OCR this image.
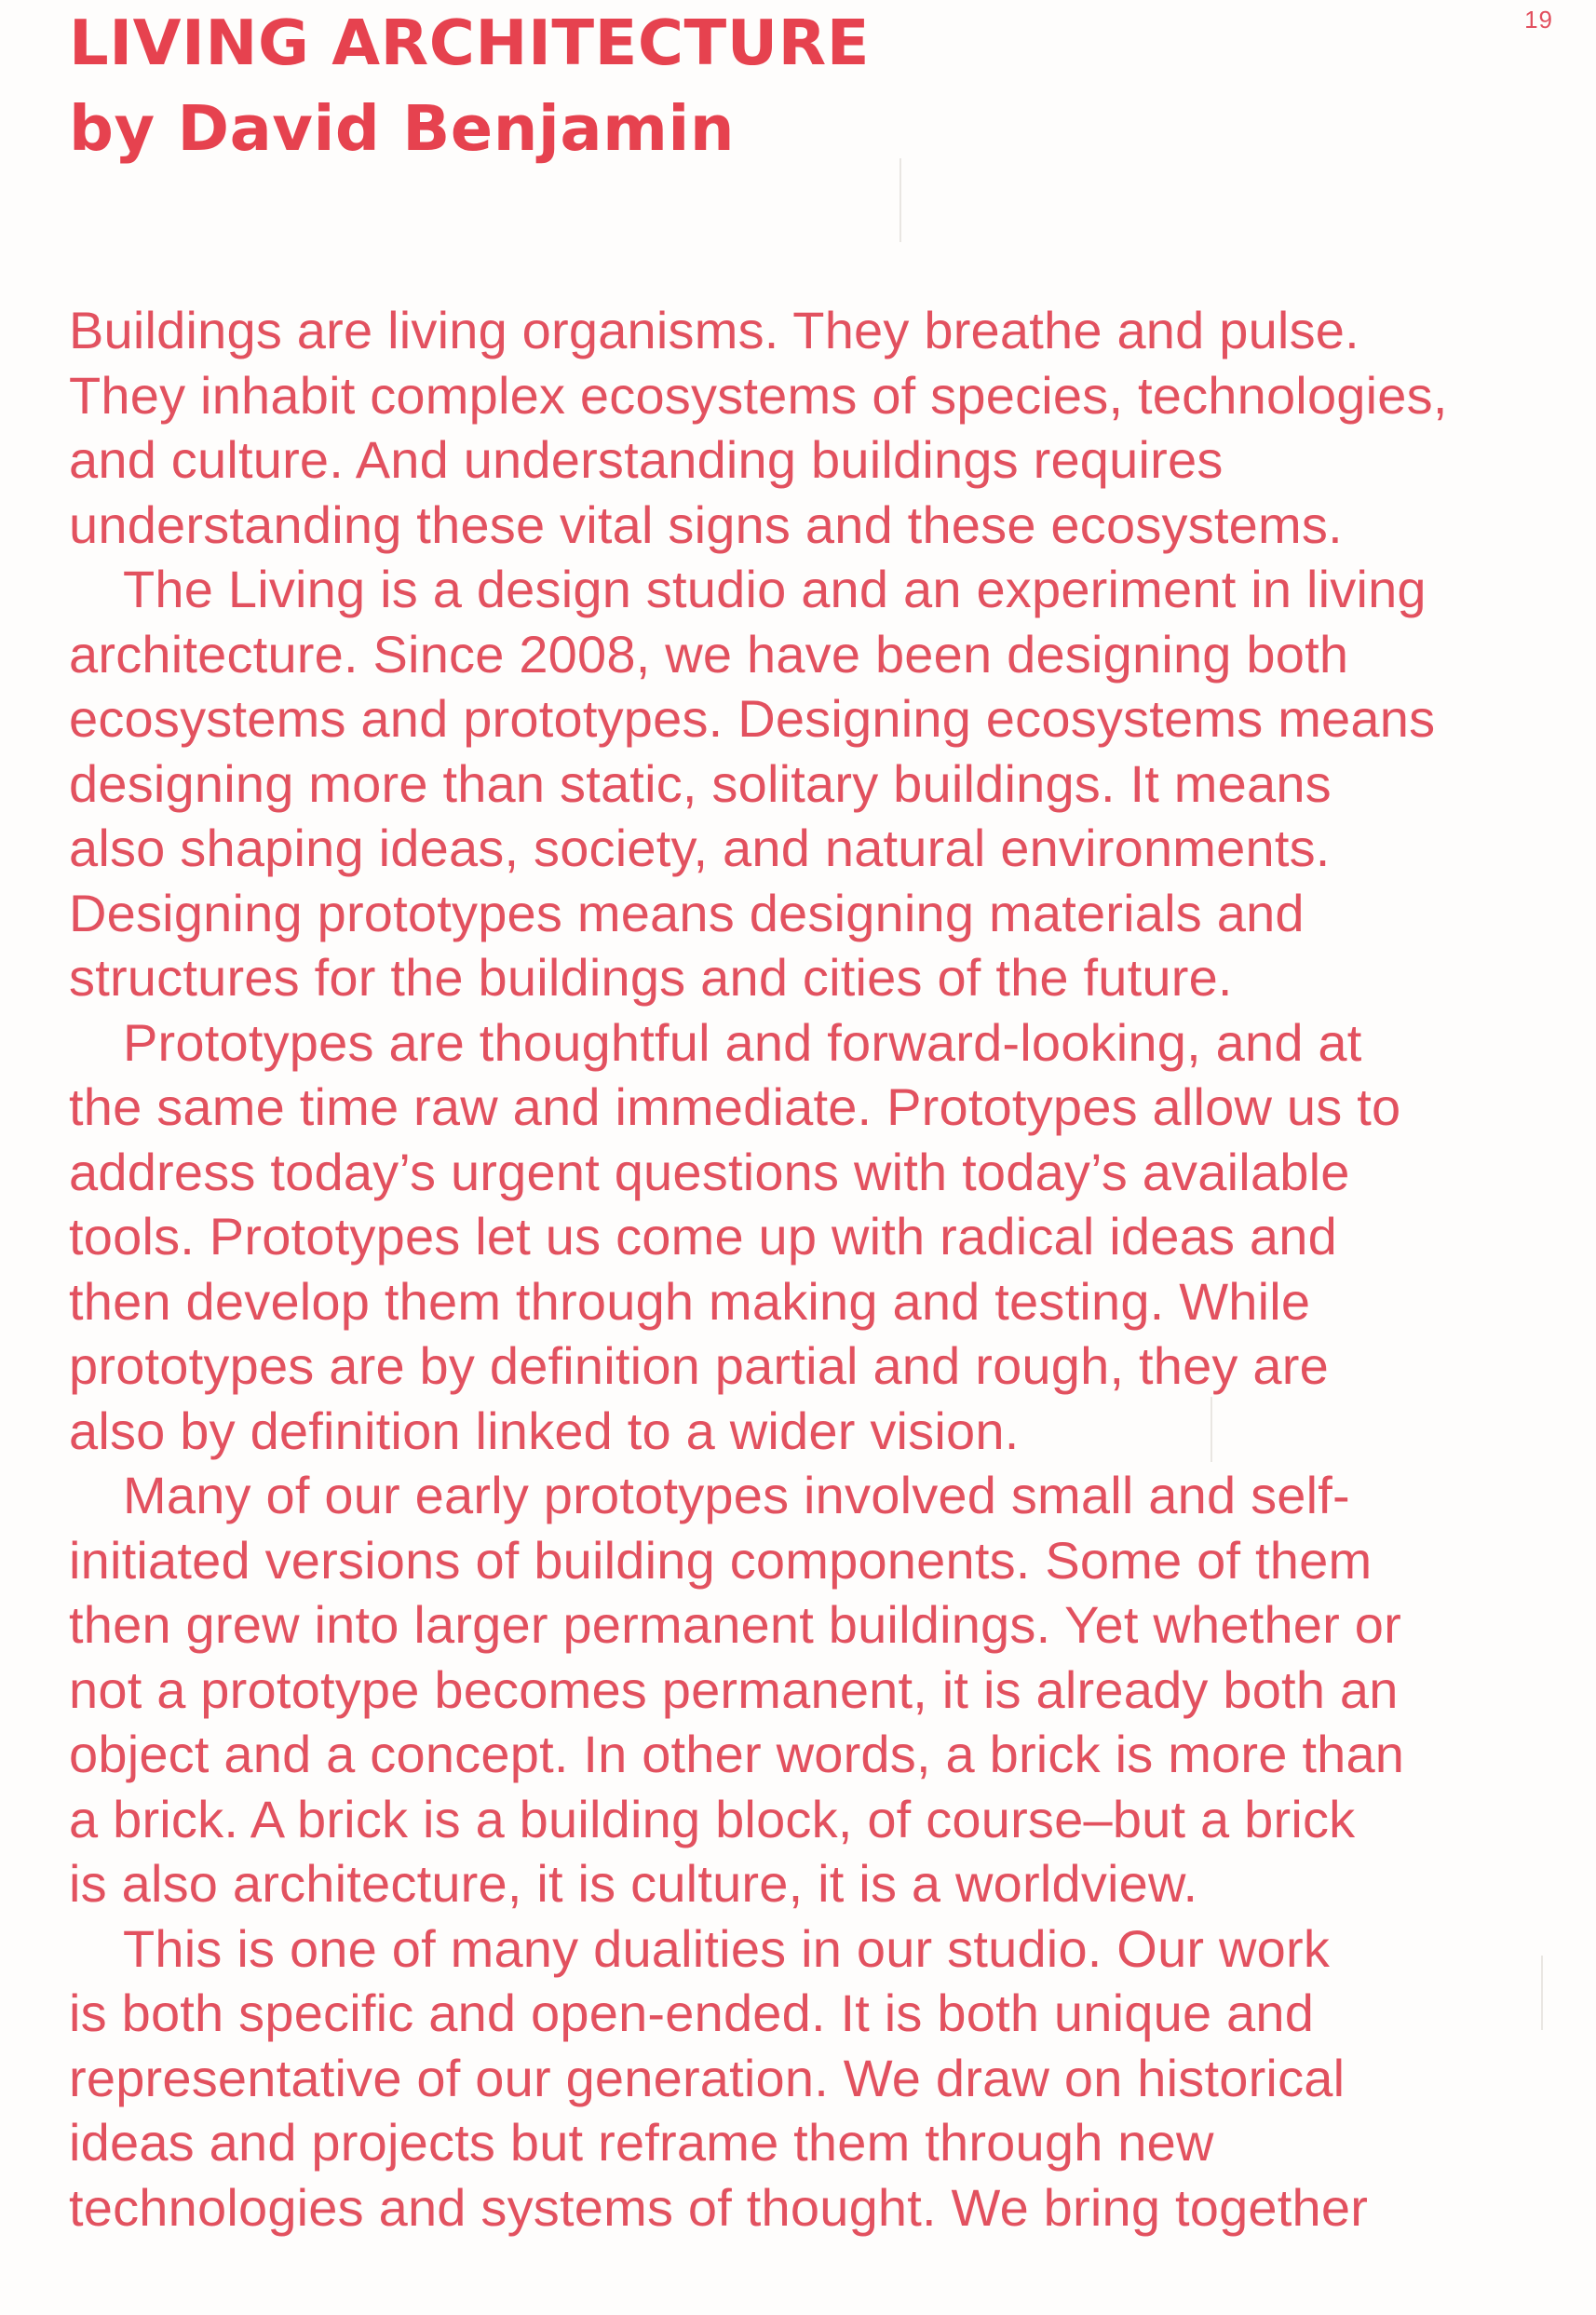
19
LIVING ARCHITECTURE
by David Benjamin

Buildings are living organisms. They breathe and pulse.
They inhabit complex ecosystems of species, technologies,
and culture. And understanding buildings requires
understanding these vital signs and these ecosystems.

The Living is a design studio and an experiment in living
architecture. Since 2008, we have been designing both
ecosystems and prototypes. Designing ecosystems means
designing more than static, solitary buildings. It means
also shaping ideas, society, and natural environments.
Designing prototypes means designing materials and
structures for the buildings and cities of the future.

Prototypes are thoughtful and forward-looking, and at
the same time raw and immediate. Prototypes allow us to
address today’s urgent questions with today’s available
tools. Prototypes let us come up with radical ideas and
then develop them through making and testing. While
prototypes are by definition partial and rough, they are
also by definition linked to a wider vision.

Many of our early prototypes involved small and self-
initiated versions of building components. Some of them
then grew into larger permanent buildings. Yet whether or
not a prototype becomes permanent, it is already both an
object and a concept. In other words, a brick is more than
a brick. A brick is a building block, of course–but a brick
is also architecture, it is culture, it is a worldview.

This is one of many dualities in our studio. Our work
is both specific and open-ended. It is both unique and
representative of our generation. We draw on historical
ideas and projects but reframe them through new
technologies and systems of thought. We bring together
